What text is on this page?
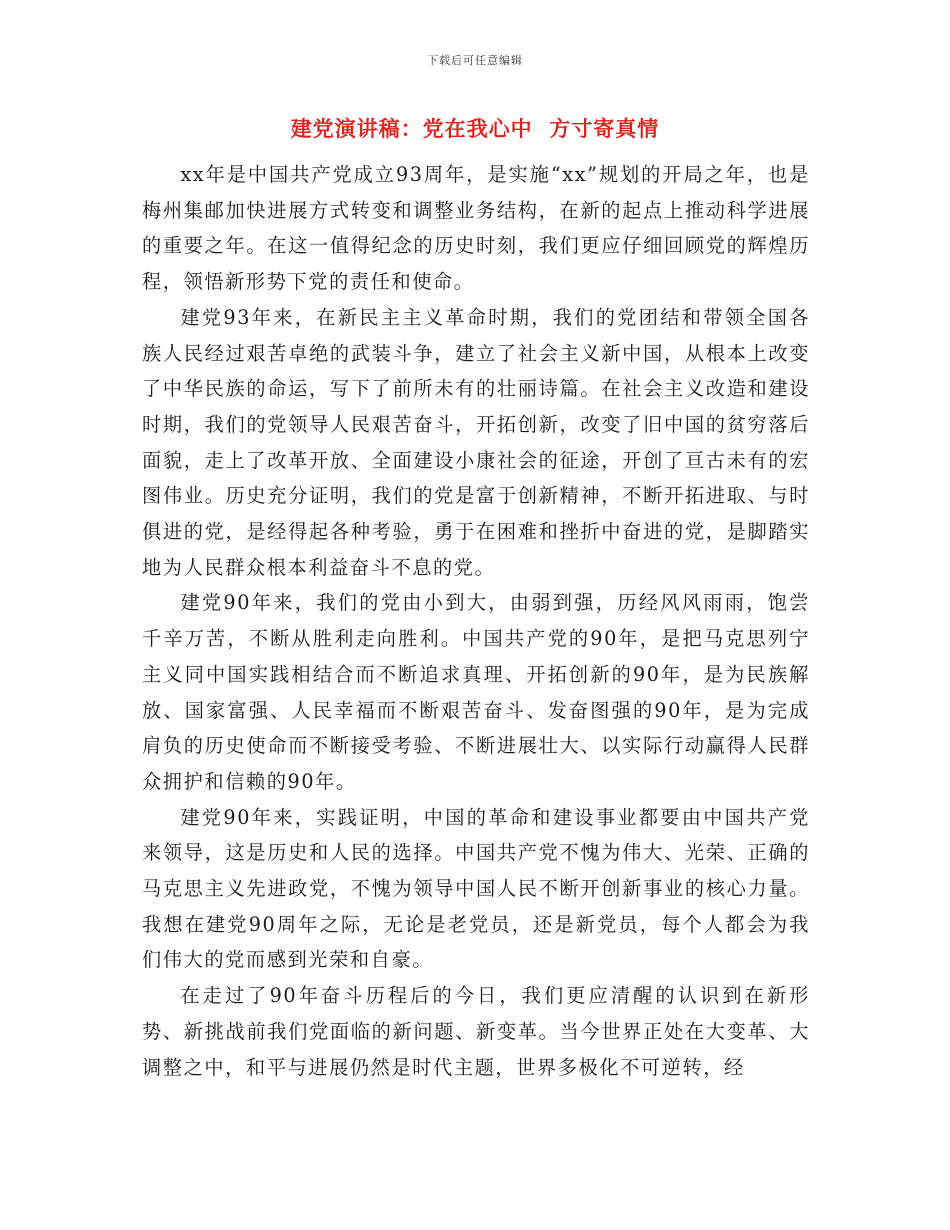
下载后可任意编辑
建党演讲稿：党在我心中  方寸寄真情

xx年是中国共产党成立93周年，是实施“xx”规划的开局之年，也是梅州集邮加快进展方式转变和调整业务结构，在新的起点上推动科学进展的重要之年。在这一值得纪念的历史时刻，我们更应仔细回顾党的辉煌历程，领悟新形势下党的责任和使命。

建党93年来，在新民主主义革命时期，我们的党团结和带领全国各族人民经过艰苦卓绝的武装斗争，建立了社会主义新中国，从根本上改变了中华民族的命运，写下了前所未有的壮丽诗篇。在社会主义改造和建设时期，我们的党领导人民艰苦奋斗，开拓创新，改变了旧中国的贫穷落后面貌，走上了改革开放、全面建设小康社会的征途，开创了亘古未有的宏图伟业。历史充分证明，我们的党是富于创新精神，不断开拓进取、与时俱进的党，是经得起各种考验，勇于在困难和挫折中奋进的党，是脚踏实地为人民群众根本利益奋斗不息的党。

建党90年来，我们的党由小到大，由弱到强，历经风风雨雨，饱尝千辛万苦，不断从胜利走向胜利。中国共产党的90年，是把马克思列宁主义同中国实践相结合而不断追求真理、开拓创新的90年，是为民族解放、国家富强、人民幸福而不断艰苦奋斗、发奋图强的90年，是为完成肩负的历史使命而不断接受考验、不断进展壮大、以实际行动赢得人民群众拥护和信赖的90年。

建党90年来，实践证明，中国的革命和建设事业都要由中国共产党来领导，这是历史和人民的选择。中国共产党不愧为伟大、光荣、正确的马克思主义先进政党，不愧为领导中国人民不断开创新事业的核心力量。我想在建党90周年之际，无论是老党员，还是新党员，每个人都会为我们伟大的党而感到光荣和自豪。

在走过了90年奋斗历程后的今日，我们更应清醒的认识到在新形势、新挑战前我们党面临的新问题、新变革。当今世界正处在大变革、大调整之中，和平与进展仍然是时代主题，世界多极化不可逆转，经
